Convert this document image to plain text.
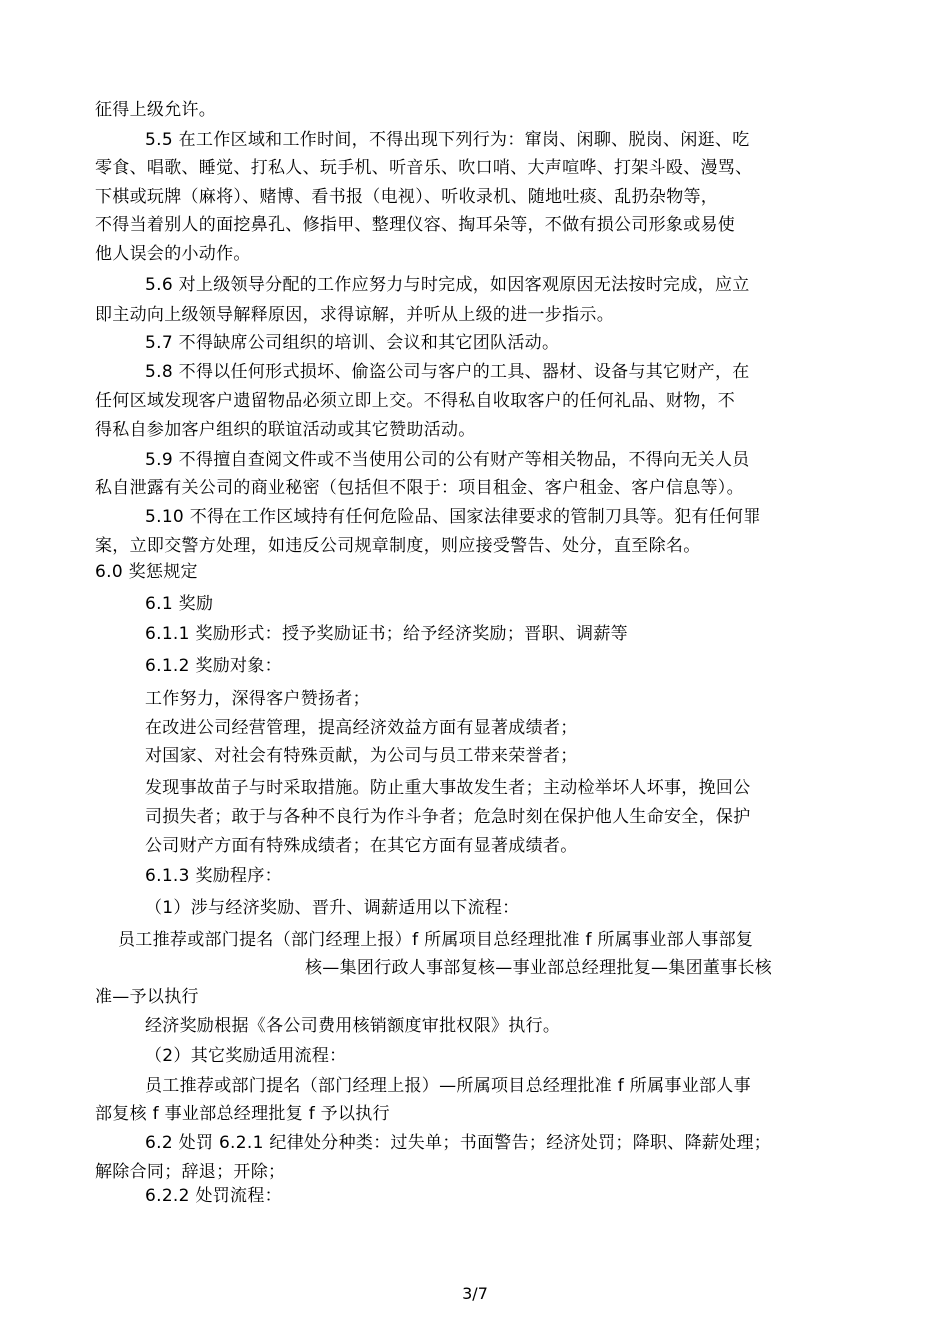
征得上级允许。
5.5 在工作区域和工作时间，不得出现下列行为：窜岗、闲聊、脱岗、闲逛、吃
零食、唱歌、睡觉、打私人、玩手机、听音乐、吹口哨、大声喧哗、打架斗殴、漫骂、
下棋或玩牌（麻将）、赌博、看书报（电视）、听收录机、随地吐痰、乱扔杂物等，
不得当着别人的面挖鼻孔、修指甲、整理仪容、掏耳朵等，不做有损公司形象或易使
他人误会的小动作。
5.6 对上级领导分配的工作应努力与时完成，如因客观原因无法按时完成，应立
即主动向上级领导解释原因，求得谅解，并听从上级的进一步指示。
5.7 不得缺席公司组织的培训、会议和其它团队活动。
5.8 不得以任何形式损坏、偷盗公司与客户的工具、器材、设备与其它财产，在
任何区域发现客户遗留物品必须立即上交。不得私自收取客户的任何礼品、财物，不
得私自参加客户组织的联谊活动或其它赞助活动。
5.9 不得擅自查阅文件或不当使用公司的公有财产等相关物品，不得向无关人员
私自泄露有关公司的商业秘密（包括但不限于：项目租金、客户租金、客户信息等）。
5.10 不得在工作区域持有任何危险品、国家法律要求的管制刀具等。犯有任何罪
案，立即交警方处理，如违反公司规章制度，则应接受警告、处分，直至除名。
6.0 奖惩规定
6.1 奖励
6.1.1 奖励形式：授予奖励证书；给予经济奖励；晋职、调薪等
6.1.2 奖励对象：
工作努力，深得客户赞扬者；
在改进公司经营管理，提高经济效益方面有显著成绩者；
对国家、对社会有特殊贡献，为公司与员工带来荣誉者；
发现事故苗子与时采取措施。防止重大事故发生者；主动检举坏人坏事，挽回公
司损失者；敢于与各种不良行为作斗争者；危急时刻在保护他人生命安全，保护
公司财产方面有特殊成绩者；在其它方面有显著成绩者。
6.1.3 奖励程序：
（1）涉与经济奖励、晋升、调薪适用以下流程：
员工推荐或部门提名（部门经理上报）f 所属项目总经理批准 f 所属事业部人事部复
核—集团行政人事部复核—事业部总经理批复—集团董事长核
准—予以执行
经济奖励根据《各公司费用核销额度审批权限》执行。
（2）其它奖励适用流程：
员工推荐或部门提名（部门经理上报）—所属项目总经理批准 f 所属事业部人事
部复核 f 事业部总经理批复 f 予以执行
6.2 处罚 6.2.1 纪律处分种类：过失单；书面警告；经济处罚；降职、降薪处理；
解除合同；辞退；开除；
6.2.2 处罚流程：
3/7
